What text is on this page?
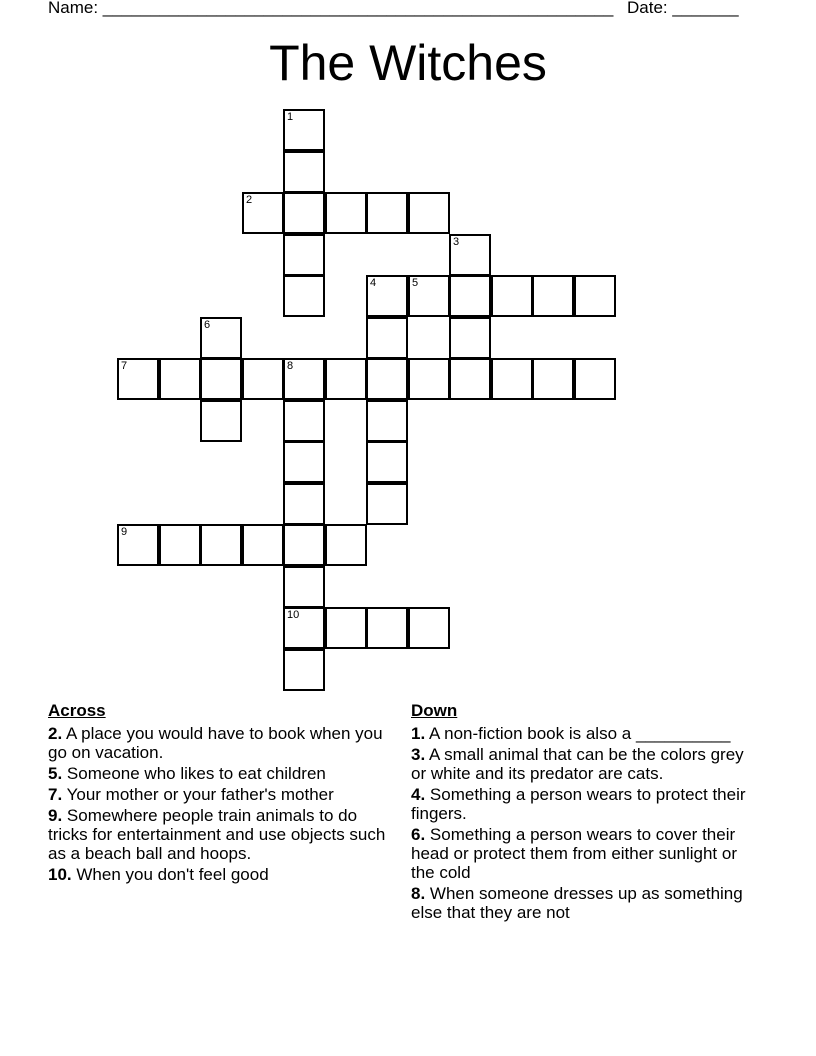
Name: ______________________________________________________ Date: _______
The Witches
1
2
3
4	5
6
7	8
9
10
Across
2. A place you would have to book when you go on vacation.
5. Someone who likes to eat children
7. Your mother or your father's mother
9. Somewhere people train animals to do tricks for entertainment and use objects such as a beach ball and hoops.
10. When you don't feel good
Down
1. A non-fiction book is also a __________
3. A small animal that can be the colors grey or white and its predator are cats.
4. Something a person wears to protect their fingers.
6. Something a person wears to cover their head or protect them from either sunlight or the cold
8. When someone dresses up as something else that they are not
